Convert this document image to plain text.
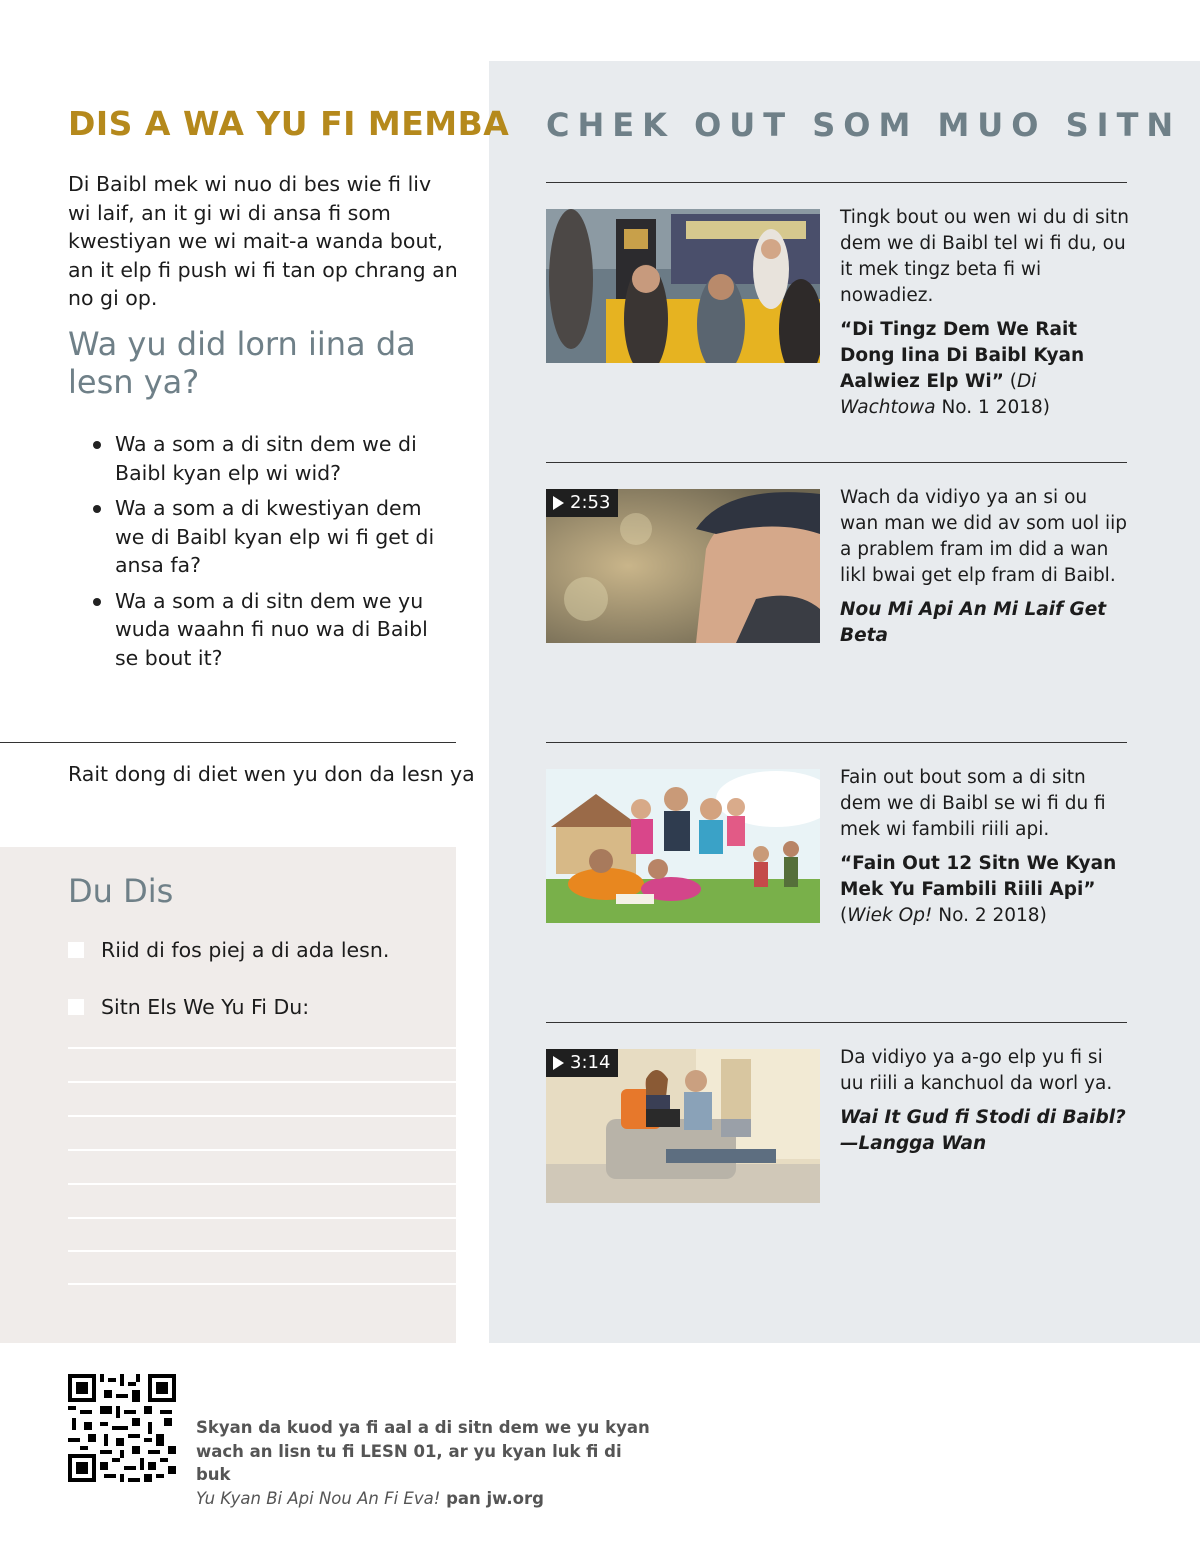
DIS A WA YU FI MEMBA

Di Baibl mek wi nuo di bes wie fi liv wi laif, an it gi wi di ansa fi som kwestiyan we wi mait-a wanda bout, an it elp fi push wi fi tan op chrang an no gi op.

Wa yu did lorn iina da lesn ya?
Wa a som a di sitn dem we di Baibl kyan elp wi wid?
Wa a som a di kwestiyan dem we di Baibl kyan elp wi fi get di ansa fa?
Wa a som a di sitn dem we yu wuda waahn fi nuo wa di Baibl se bout it?

Rait dong di diet wen yu don da lesn ya

Du Dis
Riid di fos piej a di ada lesn.
Sitn Els We Yu Fi Du:
CHEK OUT SOM MUO SITN

Tingk bout ou wen wi du di sitn dem we di Baibl tel wi fi du, ou it mek tingz beta fi wi nowadiez.

“Di Tingz Dem We Rait Dong Iina Di Baibl Kyan Aalwiez Elp Wi” (Di Wachtowa No. 1 2018)

2:53	Wach da vidiyo ya an si ou wan man we did av som uol iip a prablem fram im did a wan likl bwai get elp fram di Baibl.

Nou Mi Api An Mi Laif Get Beta

Fain out bout som a di sitn dem we di Baibl se wi fi du fi mek wi fambili riili api.

“Fain Out 12 Sitn We Kyan Mek Yu Fambili Riili Api” (Wiek Op! No. 2 2018)

3:14	Da vidiyo ya a-go elp yu fi si uu riili a kanchuol da worl ya.

Wai It Gud fi Stodi di Baibl?
—Langga Wan

Skyan da kuod ya fi aal a di sitn dem we yu kyan
wach an lisn tu fi LESN 01, ar yu kyan luk fi di buk
Yu Kyan Bi Api Nou An Fi Eva! pan jw.org
